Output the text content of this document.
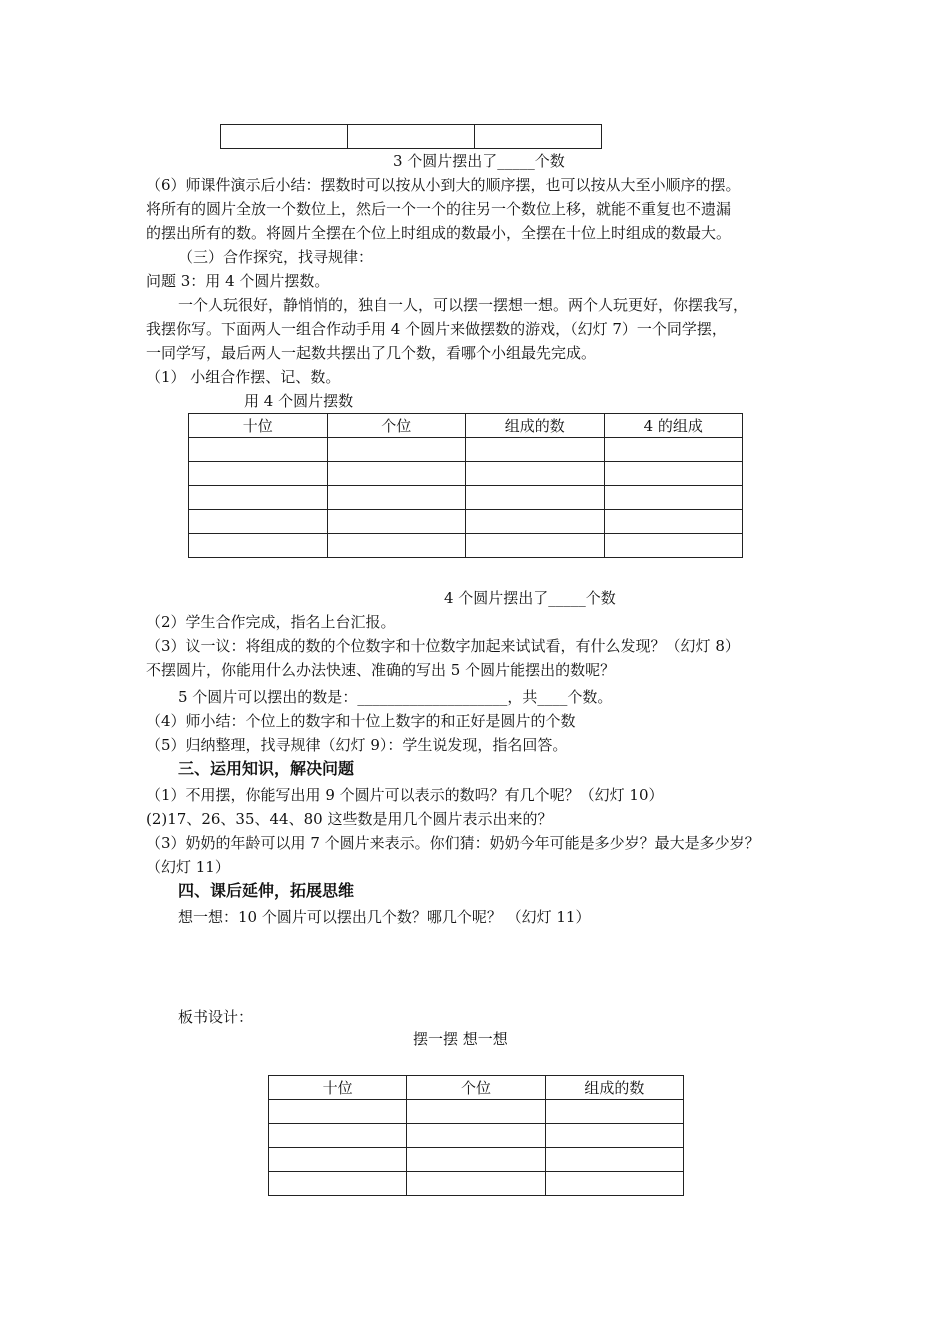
3 个圆片摆出了_____个数
（6）师课件演示后小结：摆数时可以按从小到大的顺序摆，也可以按从大至小顺序的摆。
将所有的圆片全放一个数位上，然后一个一个的往另一个数位上移，就能不重复也不遗漏
的摆出所有的数。将圆片全摆在个位上时组成的数最小，全摆在十位上时组成的数最大。
（三）合作探究，找寻规律：
问题 3：用 4 个圆片摆数。
一个人玩很好，静悄悄的，独自一人，可以摆一摆想一想。两个人玩更好，你摆我写，
我摆你写。下面两人一组合作动手用 4 个圆片来做摆数的游戏，（幻灯 7）一个同学摆，
一同学写，最后两人一起数共摆出了几个数，看哪个小组最先完成。
（1） 小组合作摆、记、数。
用 4 个圆片摆数
十位	个位	组成的数	4 的组成

4 个圆片摆出了_____个数
（2）学生合作完成，指名上台汇报。
（3）议一议：将组成的数的个位数字和十位数字加起来试试看，有什么发现？（幻灯 8）
不摆圆片，你能用什么办法快速、准确的写出 5 个圆片能摆出的数呢？
5 个圆片可以摆出的数是：____________________，共____个数。
（4）师小结：个位上的数字和十位上数字的和正好是圆片的个数
（5）归纳整理，找寻规律（幻灯 9）：学生说发现，指名回答。
三、运用知识，解决问题
（1）不用摆，你能写出用 9 个圆片可以表示的数吗？有几个呢？（幻灯 10）
(2)17、26、35、44、80 这些数是用几个圆片表示出来的？
（3）奶奶的年龄可以用 7 个圆片来表示。你们猜：奶奶今年可能是多少岁？最大是多少岁？
（幻灯 11）
四、课后延伸，拓展思维
想一想：10 个圆片可以摆出几个数？哪几个呢？ （幻灯 11）
板书设计：
摆一摆 想一想
十位	个位	组成的数
